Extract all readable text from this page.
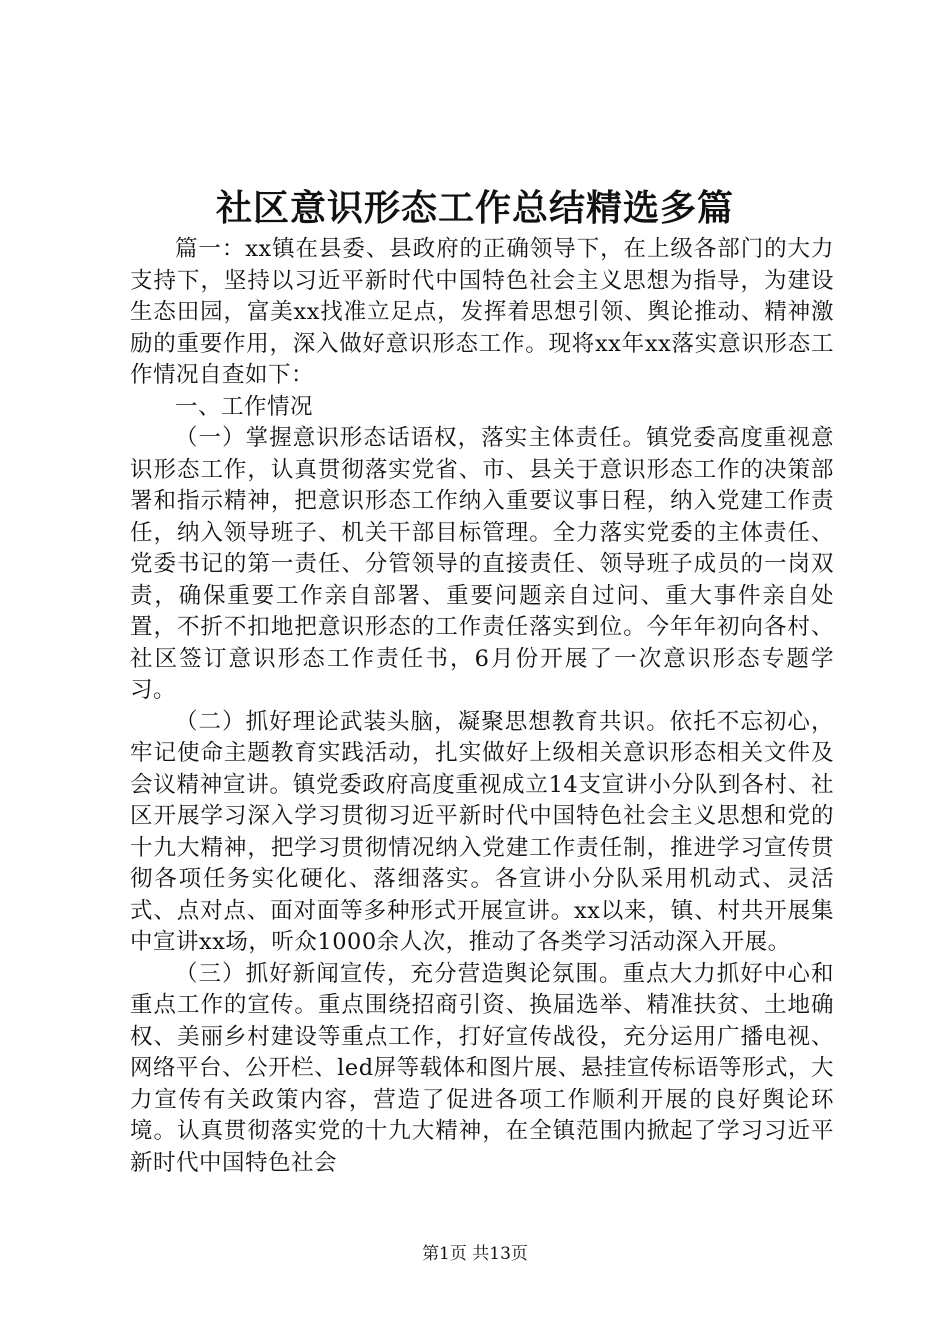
社区意识形态工作总结精选多篇

篇一：xx镇在县委、县政府的正确领导下，在上级各部门的大力支持下，坚持以习近平新时代中国特色社会主义思想为指导，为建设生态田园，富美xx找准立足点，发挥着思想引领、舆论推动、精神激励的重要作用，深入做好意识形态工作。现将xx年xx落实意识形态工作情况自查如下：

一、工作情况

（一）掌握意识形态话语权，落实主体责任。镇党委高度重视意识形态工作，认真贯彻落实党省、市、县关于意识形态工作的决策部署和指示精神，把意识形态工作纳入重要议事日程，纳入党建工作责任，纳入领导班子、机关干部目标管理。全力落实党委的主体责任、党委书记的第一责任、分管领导的直接责任、领导班子成员的一岗双责，确保重要工作亲自部署、重要问题亲自过问、重大事件亲自处置，不折不扣地把意识形态的工作责任落实到位。今年年初向各村、社区签订意识形态工作责任书，6月份开展了一次意识形态专题学习。

（二）抓好理论武装头脑，凝聚思想教育共识。依托不忘初心，牢记使命主题教育实践活动，扎实做好上级相关意识形态相关文件及会议精神宣讲。镇党委政府高度重视成立14支宣讲小分队到各村、社区开展学习深入学习贯彻习近平新时代中国特色社会主义思想和党的十九大精神，把学习贯彻情况纳入党建工作责任制，推进学习宣传贯彻各项任务实化硬化、落细落实。各宣讲小分队采用机动式、灵活式、点对点、面对面等多种形式开展宣讲。xx以来，镇、村共开展集中宣讲xx场，听众1000余人次，推动了各类学习活动深入开展。

（三）抓好新闻宣传，充分营造舆论氛围。重点大力抓好中心和重点工作的宣传。重点围绕招商引资、换届选举、精准扶贫、土地确权、美丽乡村建设等重点工作，打好宣传战役，充分运用广播电视、网络平台、公开栏、led屏等载体和图片展、悬挂宣传标语等形式，大力宣传有关政策内容，营造了促进各项工作顺利开展的良好舆论环境。认真贯彻落实党的十九大精神，在全镇范围内掀起了学习习近平新时代中国特色社会

第1页 共13页
